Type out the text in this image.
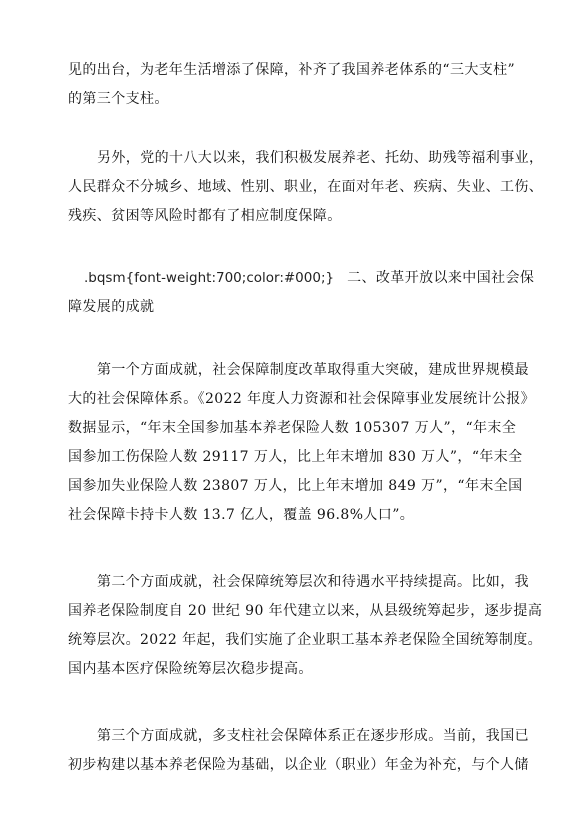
见的出台，为老年生活增添了保障，补齐了我国养老体系的“三大支柱”
的第三个支柱。

另外，党的十八大以来，我们积极发展养老、托幼、助残等福利事业，
人民群众不分城乡、地域、性别、职业，在面对年老、疾病、失业、工伤、
残疾、贫困等风险时都有了相应制度保障。

.bqsm{font-weight:700;color:#000;} 二、改革开放以来中国社会保
障发展的成就

第一个方面成就，社会保障制度改革取得重大突破，建成世界规模最
大的社会保障体系。《2022 年度人力资源和社会保障事业发展统计公报》
数据显示，“年末全国参加基本养老保险人数 105307 万人”，“年末全
国参加工伤保险人数 29117 万人，比上年末增加 830 万人”，“年末全
国参加失业保险人数 23807 万人，比上年末增加 849 万”，“年末全国
社会保障卡持卡人数 13.7 亿人，覆盖 96.8%人口”。

第二个方面成就，社会保障统筹层次和待遇水平持续提高。比如，我
国养老保险制度自 20 世纪 90 年代建立以来，从县级统筹起步，逐步提高
统筹层次。2022 年起，我们实施了企业职工基本养老保险全国统筹制度。
国内基本医疗保险统筹层次稳步提高。

第三个方面成就，多支柱社会保障体系正在逐步形成。当前，我国已
初步构建以基本养老保险为基础，以企业（职业）年金为补充，与个人储
